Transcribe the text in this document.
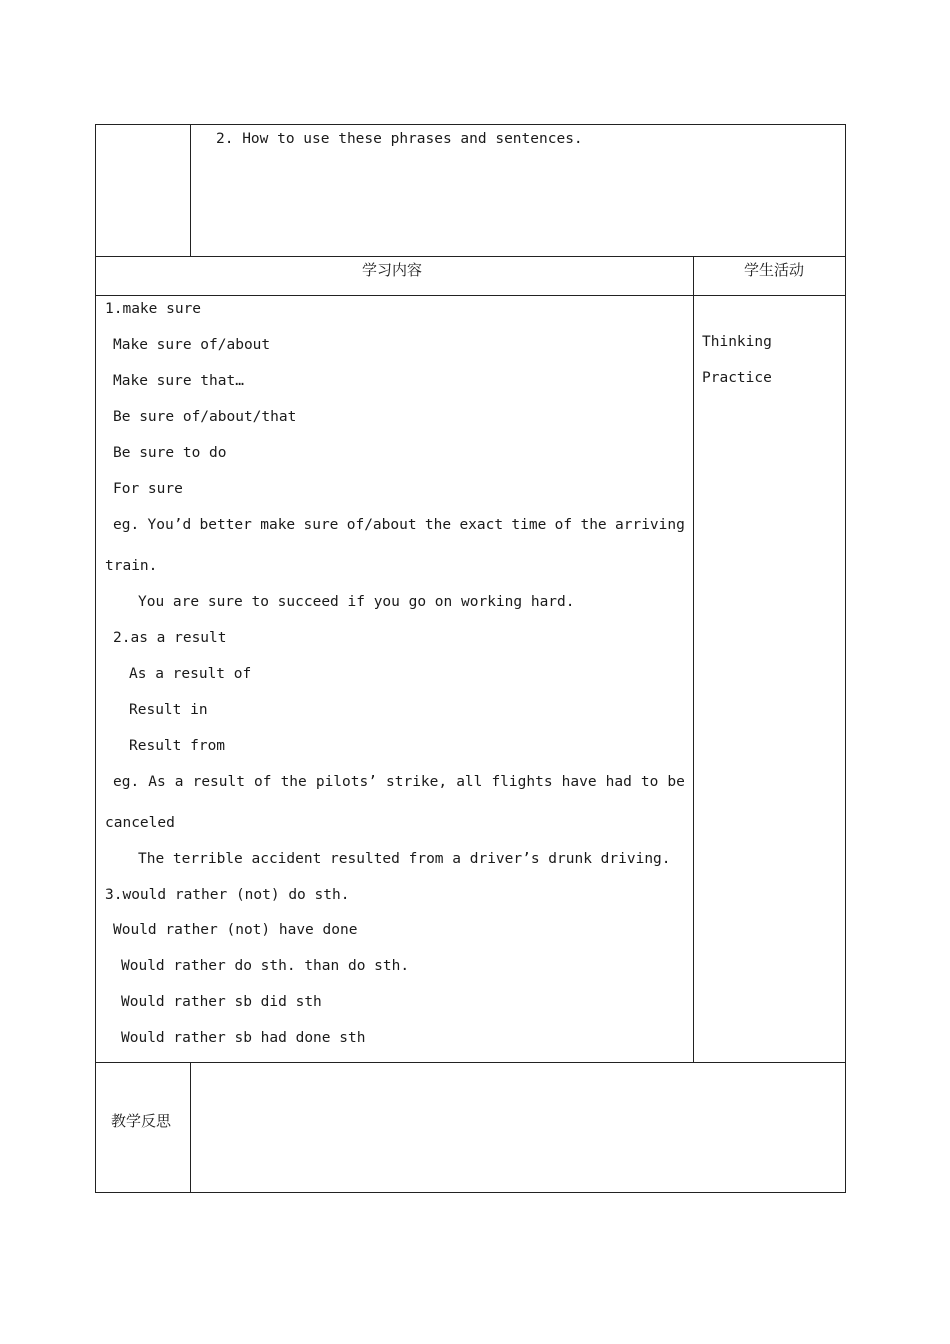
2. How to use these phrases and sentences.
学习内容	学生活动
1.make sure
Make sure of/about
Make sure that…
Be sure of/about/that
Be sure to do
For sure
eg. You’d better make sure of/about the exact time of the arriving
train.
You are sure to succeed if you go on working hard.
2.as a result
As a result of
Result in
Result from
eg. As a result of the pilots’ strike, all flights have had to be
canceled
The terrible accident resulted from a driver’s drunk driving.
3.would rather (not) do sth.
Would rather (not) have done
Would rather do sth. than do sth.
Would rather sb did sth
Would rather sb had done sth
Thinking
Practice
教学反思
